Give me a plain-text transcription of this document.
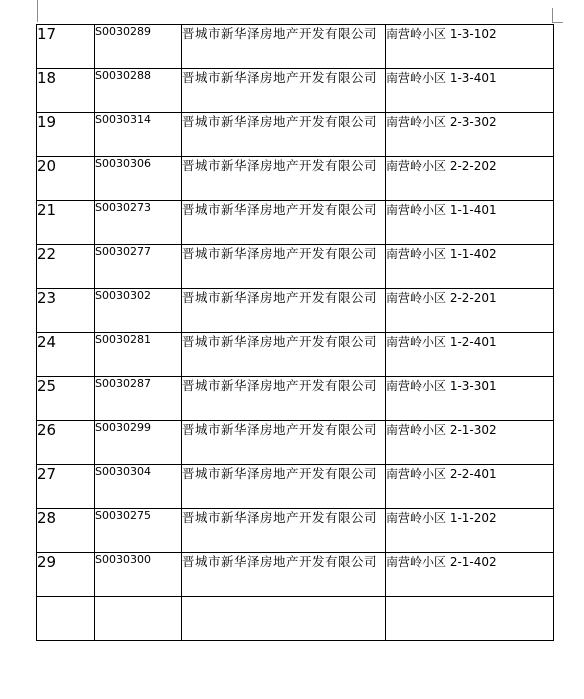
17	S0030289	晋城市新华泽房地产开发有限公司	南营岭小区 1-3-102
18	S0030288	晋城市新华泽房地产开发有限公司	南营岭小区 1-3-401
19	S0030314	晋城市新华泽房地产开发有限公司	南营岭小区 2-3-302
20	S0030306	晋城市新华泽房地产开发有限公司	南营岭小区 2-2-202
21	S0030273	晋城市新华泽房地产开发有限公司	南营岭小区 1-1-401
22	S0030277	晋城市新华泽房地产开发有限公司	南营岭小区 1-1-402
23	S0030302	晋城市新华泽房地产开发有限公司	南营岭小区 2-2-201
24	S0030281	晋城市新华泽房地产开发有限公司	南营岭小区 1-2-401
25	S0030287	晋城市新华泽房地产开发有限公司	南营岭小区 1-3-301
26	S0030299	晋城市新华泽房地产开发有限公司	南营岭小区 2-1-302
27	S0030304	晋城市新华泽房地产开发有限公司	南营岭小区 2-2-401
28	S0030275	晋城市新华泽房地产开发有限公司	南营岭小区 1-1-202
29	S0030300	晋城市新华泽房地产开发有限公司	南营岭小区 2-1-402
